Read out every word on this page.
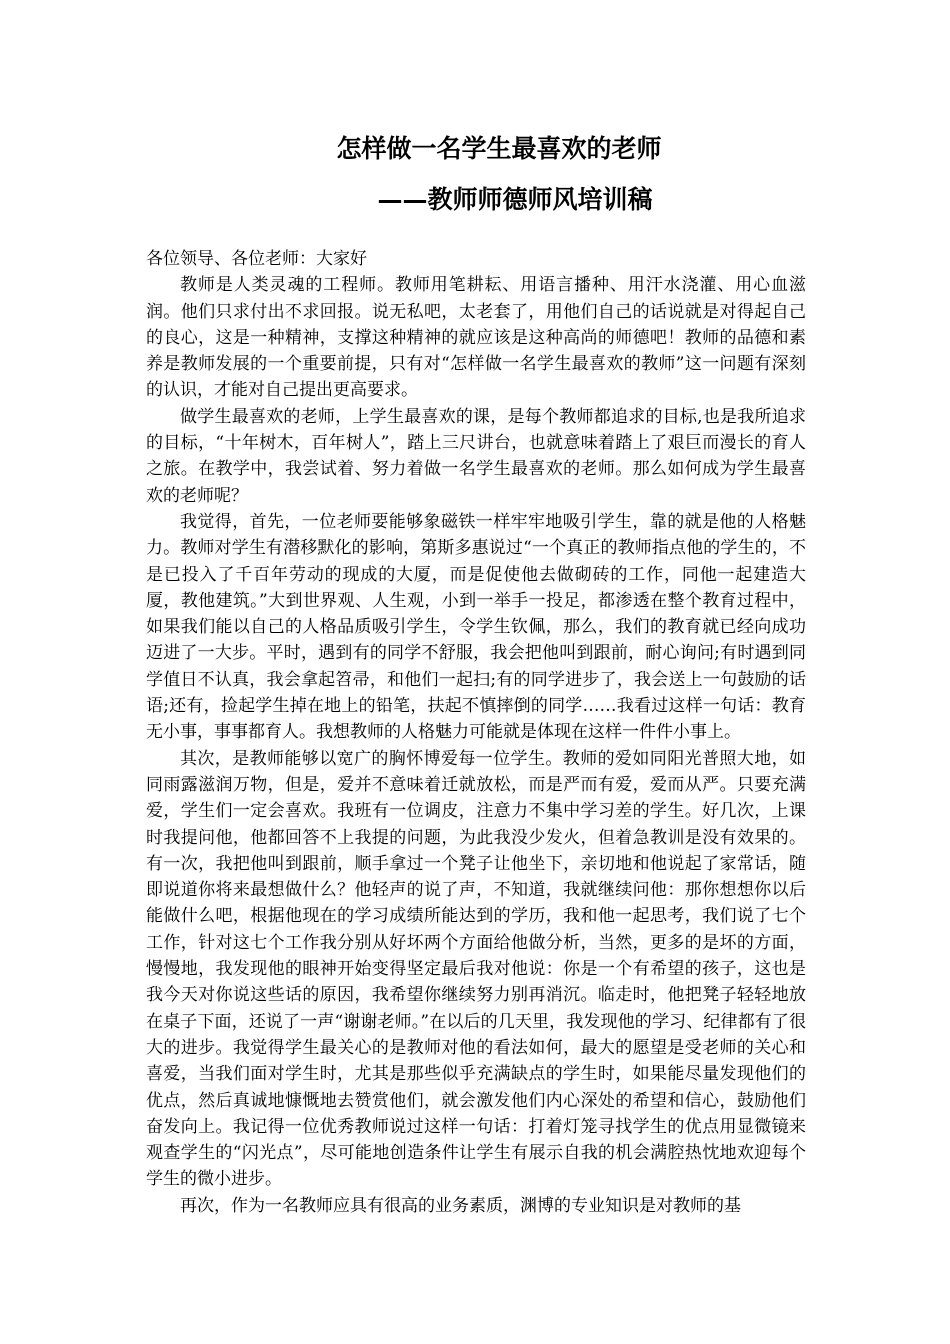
怎样做一名学生最喜欢的老师
——教师师德师风培训稿

各位领导、各位老师：大家好

教师是人类灵魂的工程师。教师用笔耕耘、用语言播种、用汗水浇灌、用心血滋润。他们只求付出不求回报。说无私吧，太老套了，用他们自己的话说就是对得起自己的良心，这是一种精神，支撑这种精神的就应该是这种高尚的师德吧！教师的品德和素养是教师发展的一个重要前提，只有对“怎样做一名学生最喜欢的教师”这一问题有深刻的认识，才能对自己提出更高要求。

做学生最喜欢的老师，上学生最喜欢的课，是每个教师都追求的目标,也是我所追求的目标，“十年树木，百年树人”，踏上三尺讲台，也就意味着踏上了艰巨而漫长的育人之旅。在教学中，我尝试着、努力着做一名学生最喜欢的老师。那么如何成为学生最喜欢的老师呢？

我觉得，首先，一位老师要能够象磁铁一样牢牢地吸引学生，靠的就是他的人格魅力。教师对学生有潜移默化的影响，第斯多惠说过“一个真正的教师指点他的学生的，不是已投入了千百年劳动的现成的大厦，而是促使他去做砌砖的工作，同他一起建造大厦，教他建筑。”大到世界观、人生观，小到一举手一投足，都渗透在整个教育过程中，如果我们能以自己的人格品质吸引学生，令学生钦佩，那么，我们的教育就已经向成功迈进了一大步。平时，遇到有的同学不舒服，我会把他叫到跟前，耐心询问;有时遇到同学值日不认真，我会拿起笤帚，和他们一起扫;有的同学进步了，我会送上一句鼓励的话语;还有，捡起学生掉在地上的铅笔，扶起不慎摔倒的同学……我看过这样一句话：教育无小事，事事都育人。我想教师的人格魅力可能就是体现在这样一件件小事上。

其次，是教师能够以宽广的胸怀博爱每一位学生。教师的爱如同阳光普照大地，如同雨露滋润万物，但是，爱并不意味着迁就放松，而是严而有爱，爱而从严。只要充满爱，学生们一定会喜欢。我班有一位调皮，注意力不集中学习差的学生。好几次，上课时我提问他，他都回答不上我提的问题，为此我没少发火，但着急教训是没有效果的。有一次，我把他叫到跟前，顺手拿过一个凳子让他坐下，亲切地和他说起了家常话，随即说道你将来最想做什么？他轻声的说了声，不知道，我就继续问他：那你想想你以后能做什么吧，根据他现在的学习成绩所能达到的学历，我和他一起思考，我们说了七个工作，针对这七个工作我分别从好坏两个方面给他做分析，当然，更多的是坏的方面，慢慢地，我发现他的眼神开始变得坚定最后我对他说：你是一个有希望的孩子，这也是我今天对你说这些话的原因，我希望你继续努力别再消沉。临走时，他把凳子轻轻地放在桌子下面，还说了一声“谢谢老师。”在以后的几天里，我发现他的学习、纪律都有了很大的进步。我觉得学生最关心的是教师对他的看法如何，最大的愿望是受老师的关心和喜爱，当我们面对学生时，尤其是那些似乎充满缺点的学生时，如果能尽量发现他们的优点，然后真诚地慷慨地去赞赏他们，就会激发他们内心深处的希望和信心，鼓励他们奋发向上。我记得一位优秀教师说过这样一句话：打着灯笼寻找学生的优点用显微镜来观查学生的“闪光点”，尽可能地创造条件让学生有展示自我的机会满腔热忱地欢迎每个学生的微小进步。

再次，作为一名教师应具有很高的业务素质，渊博的专业知识是对教师的基
